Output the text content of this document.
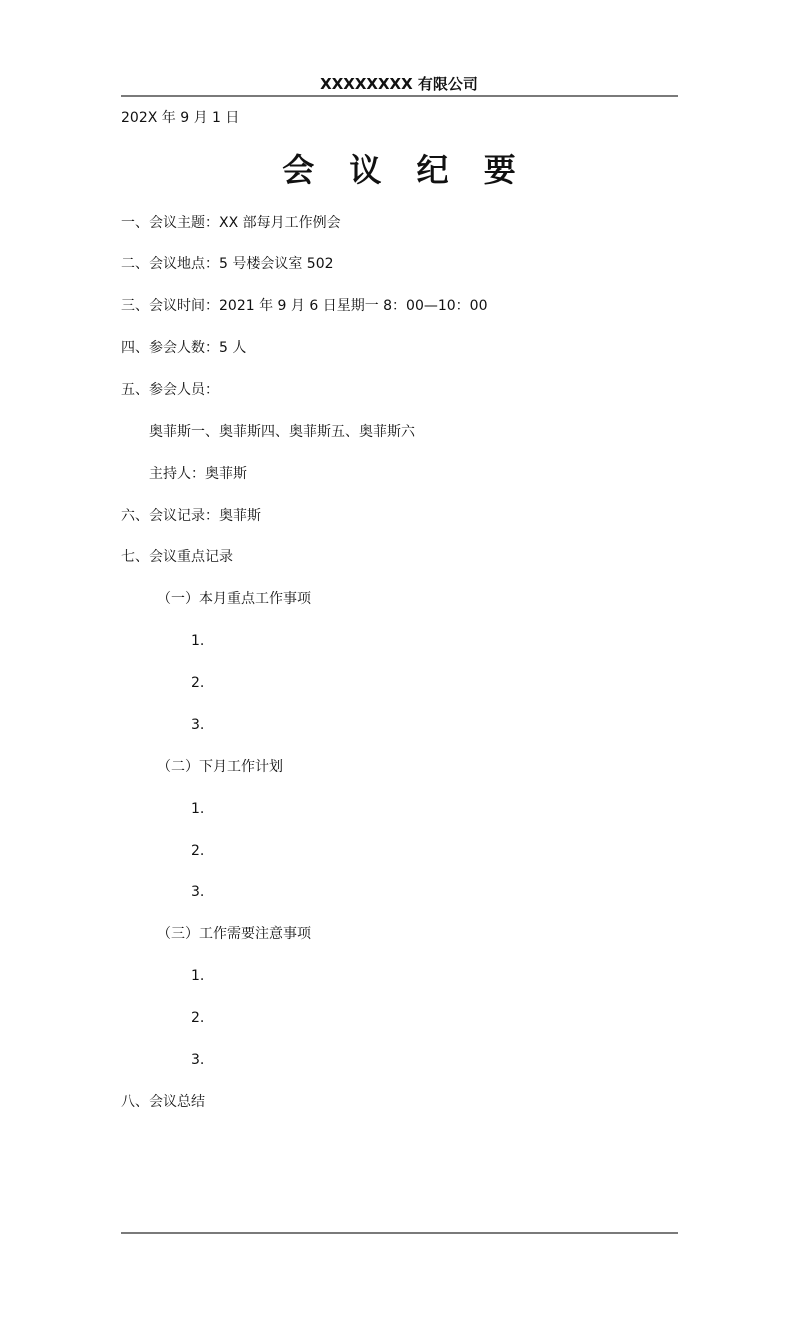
XXXXXXXX 有限公司
202X 年 9 月 1 日
会 议 纪 要
一、会议主题：XX 部每月工作例会
二、会议地点：5 号楼会议室 502
三、会议时间：2021 年 9 月 6 日星期一 8：00—10：00
四、参会人数：5 人
五、参会人员：
奥菲斯一、奥菲斯四、奥菲斯五、奥菲斯六
主持人：奥菲斯
六、会议记录：奥菲斯
七、会议重点记录
（一）本月重点工作事项
1.
2.
3.
（二）下月工作计划
1.
2.
3.
（三）工作需要注意事项
1.
2.
3.
八、会议总结
